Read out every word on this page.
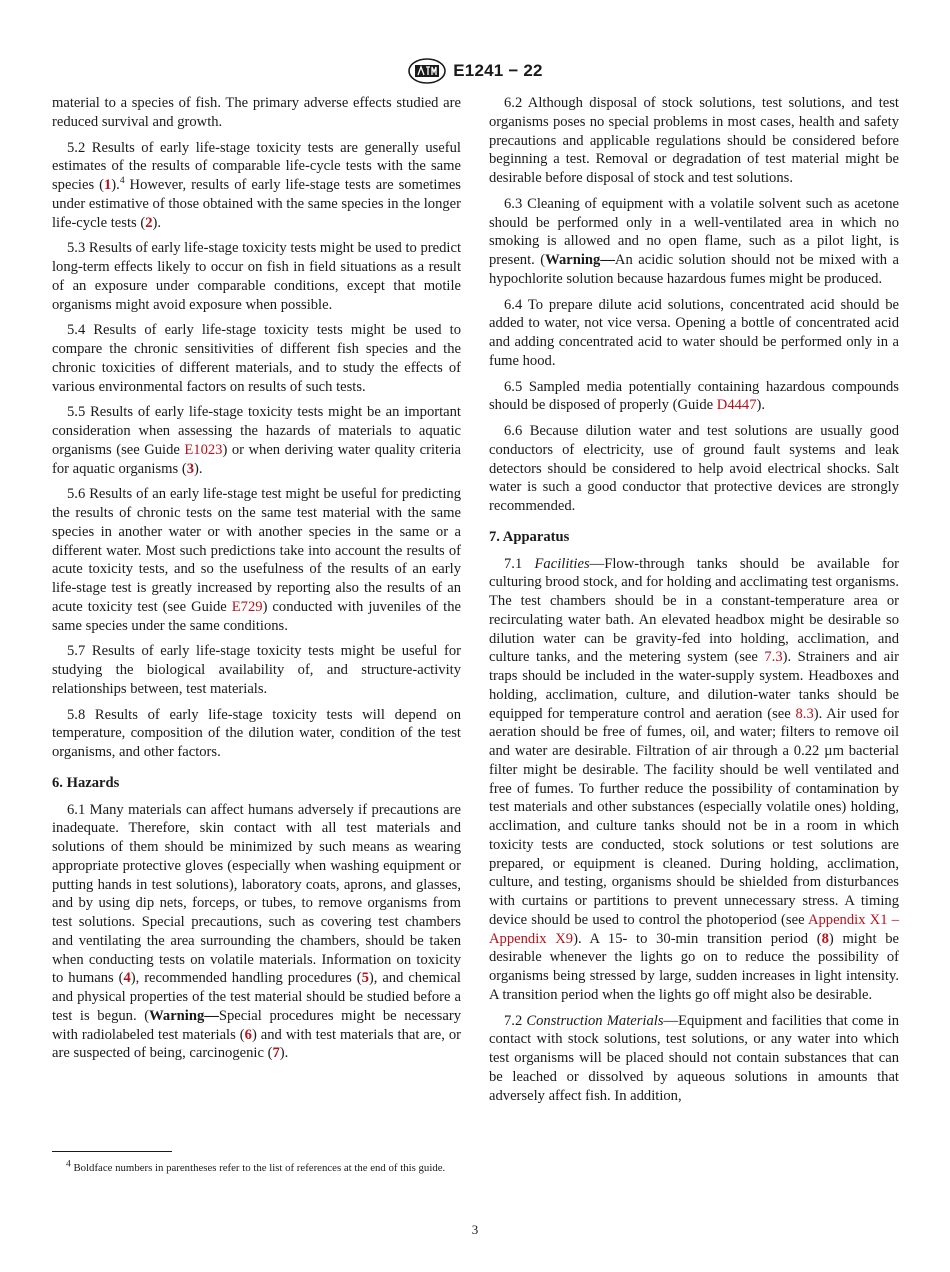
E1241 − 22

material to a species of fish. The primary adverse effects studied are reduced survival and growth.

5.2 Results of early life-stage toxicity tests are generally useful estimates of the results of comparable life-cycle tests with the same species (1).$^4$ However, results of early life-stage tests are sometimes under estimative of those obtained with the same species in the longer life-cycle tests (2).

5.3 Results of early life-stage toxicity tests might be used to predict long-term effects likely to occur on fish in field situations as a result of an exposure under comparable conditions, except that motile organisms might avoid exposure when possible.

5.4 Results of early life-stage toxicity tests might be used to compare the chronic sensitivities of different fish species and the chronic toxicities of different materials, and to study the effects of various environmental factors on results of such tests.

5.5 Results of early life-stage toxicity tests might be an important consideration when assessing the hazards of materials to aquatic organisms (see Guide E1023) or when deriving water quality criteria for aquatic organisms (3).

5.6 Results of an early life-stage test might be useful for predicting the results of chronic tests on the same test material with the same species in another water or with another species in the same or a different water. Most such predictions take into account the results of acute toxicity tests, and so the usefulness of the results of an early life-stage test is greatly increased by reporting also the results of an acute toxicity test (see Guide E729) conducted with juveniles of the same species under the same conditions.

5.7 Results of early life-stage toxicity tests might be useful for studying the biological availability of, and structure-activity relationships between, test materials.

5.8 Results of early life-stage toxicity tests will depend on temperature, composition of the dilution water, condition of the test organisms, and other factors.

6. Hazards

6.1 Many materials can affect humans adversely if precautions are inadequate. Therefore, skin contact with all test materials and solutions of them should be minimized by such means as wearing appropriate protective gloves (especially when washing equipment or putting hands in test solutions), laboratory coats, aprons, and glasses, and by using dip nets, forceps, or tubes, to remove organisms from test solutions. Special precautions, such as covering test chambers and ventilating the area surrounding the chambers, should be taken when conducting tests on volatile materials. Information on toxicity to humans (4), recommended handling procedures (5), and chemical and physical properties of the test material should be studied before a test is begun. (Warning—Special procedures might be necessary with radiolabeled test materials (6) and with test materials that are, or are suspected of being, carcinogenic (7).

6.2 Although disposal of stock solutions, test solutions, and test organisms poses no special problems in most cases, health and safety precautions and applicable regulations should be considered before beginning a test. Removal or degradation of test material might be desirable before disposal of stock and test solutions.

6.3 Cleaning of equipment with a volatile solvent such as acetone should be performed only in a well-ventilated area in which no smoking is allowed and no open flame, such as a pilot light, is present. (Warning—An acidic solution should not be mixed with a hypochlorite solution because hazardous fumes might be produced.

6.4 To prepare dilute acid solutions, concentrated acid should be added to water, not vice versa. Opening a bottle of concentrated acid and adding concentrated acid to water should be performed only in a fume hood.

6.5 Sampled media potentially containing hazardous compounds should be disposed of properly (Guide D4447).

6.6 Because dilution water and test solutions are usually good conductors of electricity, use of ground fault systems and leak detectors should be considered to help avoid electrical shocks. Salt water is such a good conductor that protective devices are strongly recommended.

7. Apparatus

7.1 Facilities—Flow-through tanks should be available for culturing brood stock, and for holding and acclimating test organisms. The test chambers should be in a constant-temperature area or recirculating water bath. An elevated headbox might be desirable so dilution water can be gravity-fed into holding, acclimation, and culture tanks, and the metering system (see 7.3). Strainers and air traps should be included in the water-supply system. Headboxes and holding, acclimation, culture, and dilution-water tanks should be equipped for temperature control and aeration (see 8.3). Air used for aeration should be free of fumes, oil, and water; filters to remove oil and water are desirable. Filtration of air through a 0.22 µm bacterial filter might be desirable. The facility should be well ventilated and free of fumes. To further reduce the possibility of contamination by test materials and other substances (especially volatile ones) holding, acclimation, and culture tanks should not be in a room in which toxicity tests are conducted, stock solutions or test solutions are prepared, or equipment is cleaned. During holding, acclimation, culture, and testing, organisms should be shielded from disturbances with curtains or partitions to prevent unnecessary stress. A timing device should be used to control the photoperiod (see Appendix X1 – Appendix X9). A 15- to 30-min transition period (8) might be desirable whenever the lights go on to reduce the possibility of organisms being stressed by large, sudden increases in light intensity. A transition period when the lights go off might also be desirable.

7.2 Construction Materials—Equipment and facilities that come in contact with stock solutions, test solutions, or any water into which test organisms will be placed should not contain substances that can be leached or dissolved by aqueous solutions in amounts that adversely affect fish. In addition,

$^4$ Boldface numbers in parentheses refer to the list of references at the end of this guide.
3
